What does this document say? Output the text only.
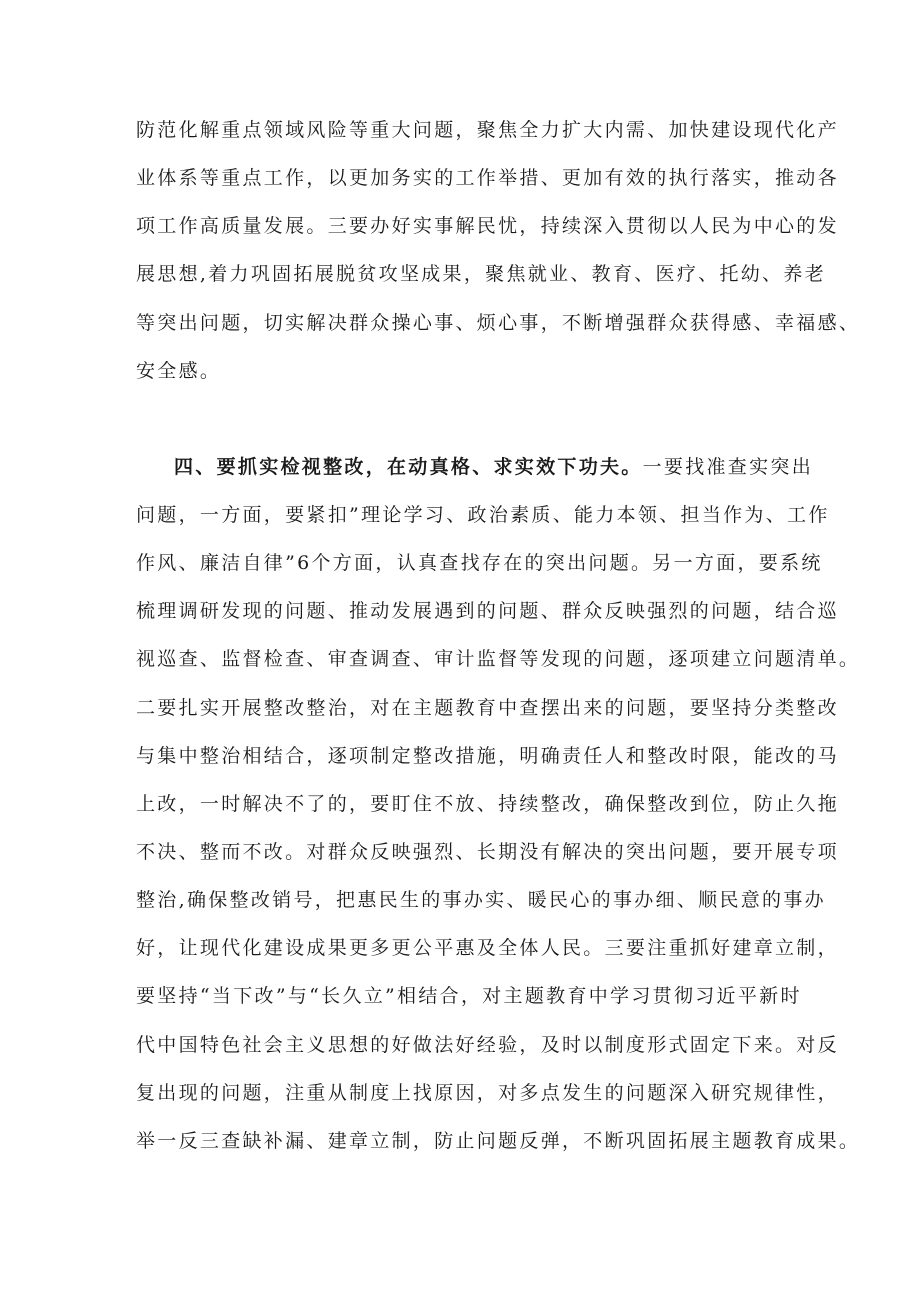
防范化解重点领域风险等重大问题，聚焦全力扩大内需、加快建设现代化产

业体系等重点工作，以更加务实的工作举措、更加有效的执行落实，推动各

项工作高质量发展。三要办好实事解民忧，持续深入贯彻以人民为中心的发

展思想,着力巩固拓展脱贫攻坚成果，聚焦就业、教育、医疗、托幼、养老

等突出问题，切实解决群众操心事、烦心事，不断增强群众获得感、幸福感、

安全感。

四、要抓实检视整改，在动真格、求实效下功夫。一要找准查实突出

问题，一方面，要紧扣”理论学习、政治素质、能力本领、担当作为、工作

作风、廉洁自律”6个方面，认真查找存在的突出问题。另一方面，要系统

梳理调研发现的问题、推动发展遇到的问题、群众反映强烈的问题，结合巡

视巡查、监督检查、审查调查、审计监督等发现的问题，逐项建立问题清单。

二要扎实开展整改整治，对在主题教育中查摆出来的问题，要坚持分类整改

与集中整治相结合，逐项制定整改措施，明确责任人和整改时限，能改的马

上改，一时解决不了的，要盯住不放、持续整改，确保整改到位，防止久拖

不决、整而不改。对群众反映强烈、长期没有解决的突出问题，要开展专项

整治,确保整改销号，把惠民生的事办实、暖民心的事办细、顺民意的事办

好，让现代化建设成果更多更公平惠及全体人民。三要注重抓好建章立制，

要坚持“当下改”与“长久立”相结合，对主题教育中学习贯彻习近平新时

代中国特色社会主义思想的好做法好经验，及时以制度形式固定下来。对反

复出现的问题，注重从制度上找原因，对多点发生的问题深入研究规律性，

举一反三查缺补漏、建章立制，防止问题反弹，不断巩固拓展主题教育成果。
